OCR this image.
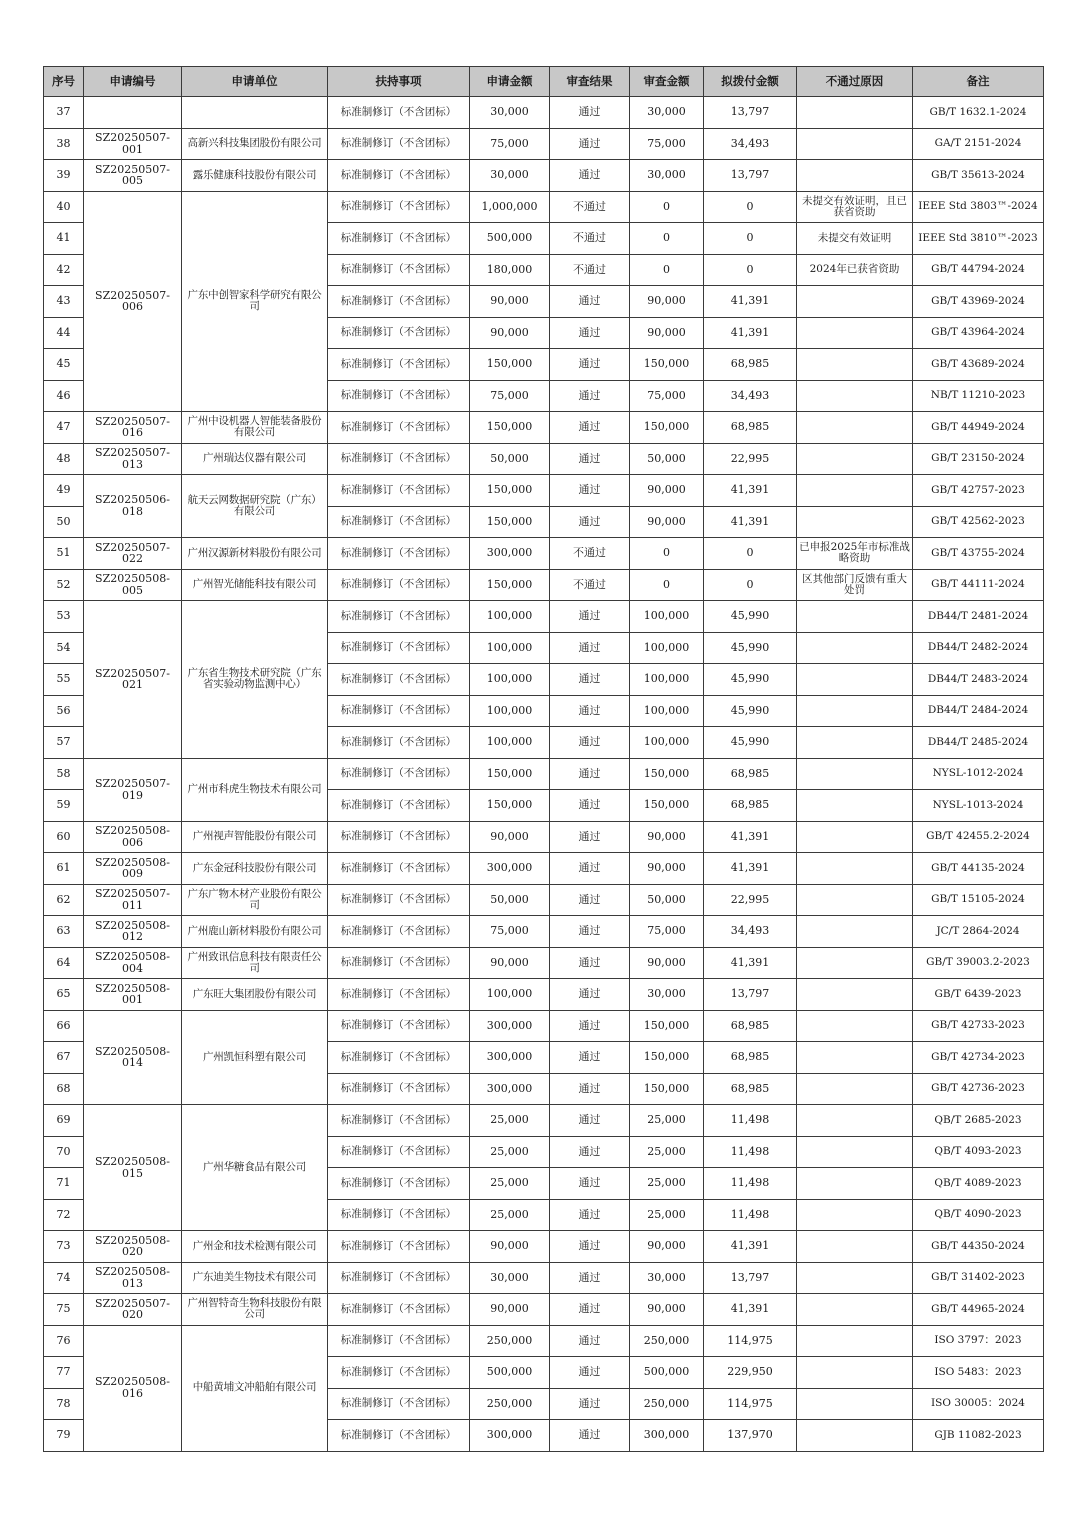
序号	申请编号	申请单位	扶持事项	申请金额	审查结果	审查金额	拟拨付金额	不通过原因	备注
37			标准制修订（不含团标）	30,000	通过	30,000	13,797		GB/T 1632.1-2024
38	SZ20250507-001	高新兴科技集团股份有限公司	标准制修订（不含团标）	75,000	通过	75,000	34,493		GA/T 2151-2024
39	SZ20250507-005	露乐健康科技股份有限公司	标准制修订（不含团标）	30,000	通过	30,000	13,797		GB/T 35613-2024
40	SZ20250507-006	广东中创智家科学研究有限公司	标准制修订（不含团标）	1,000,000	不通过	0	0	未提交有效证明，且已获省资助	IEEE Std 3803™-2024
41			标准制修订（不含团标）	500,000	不通过	0	0	未提交有效证明	IEEE Std 3810™-2023
42			标准制修订（不含团标）	180,000	不通过	0	0	2024年已获省资助	GB/T 44794-2024
43			标准制修订（不含团标）	90,000	通过	90,000	41,391		GB/T 43969-2024
44			标准制修订（不含团标）	90,000	通过	90,000	41,391		GB/T 43964-2024
45			标准制修订（不含团标）	150,000	通过	150,000	68,985		GB/T 43689-2024
46			标准制修订（不含团标）	75,000	通过	75,000	34,493		NB/T 11210-2023
47	SZ20250507-016	广州中设机器人智能装备股份有限公司	标准制修订（不含团标）	150,000	通过	150,000	68,985		GB/T 44949-2024
48	SZ20250507-013	广州瑞达仪器有限公司	标准制修订（不含团标）	50,000	通过	50,000	22,995		GB/T 23150-2024
49	SZ20250506-018	航天云网数据研究院（广东）有限公司	标准制修订（不含团标）	150,000	通过	90,000	41,391		GB/T 42757-2023
50			标准制修订（不含团标）	150,000	通过	90,000	41,391		GB/T 42562-2023
51	SZ20250507-022	广州汉源新材料股份有限公司	标准制修订（不含团标）	300,000	不通过	0	0	已申报2025年市标准战略资助	GB/T 43755-2024
52	SZ20250508-005	广州智光储能科技有限公司	标准制修订（不含团标）	150,000	不通过	0	0	区其他部门反馈有重大处罚	GB/T 44111-2024
53	SZ20250507-021	广东省生物技术研究院（广东省实验动物监测中心）	标准制修订（不含团标）	100,000	通过	100,000	45,990		DB44/T 2481-2024
54			标准制修订（不含团标）	100,000	通过	100,000	45,990		DB44/T 2482-2024
55			标准制修订（不含团标）	100,000	通过	100,000	45,990		DB44/T 2483-2024
56			标准制修订（不含团标）	100,000	通过	100,000	45,990		DB44/T 2484-2024
57			标准制修订（不含团标）	100,000	通过	100,000	45,990		DB44/T 2485-2024
58	SZ20250507-019	广州市科虎生物技术有限公司	标准制修订（不含团标）	150,000	通过	150,000	68,985		NYSL-1012-2024
59			标准制修订（不含团标）	150,000	通过	150,000	68,985		NYSL-1013-2024
60	SZ20250508-006	广州视声智能股份有限公司	标准制修订（不含团标）	90,000	通过	90,000	41,391		GB/T 42455.2-2024
61	SZ20250508-009	广东金冠科技股份有限公司	标准制修订（不含团标）	300,000	通过	90,000	41,391		GB/T 44135-2024
62	SZ20250507-011	广东广物木材产业股份有限公司	标准制修订（不含团标）	50,000	通过	50,000	22,995		GB/T 15105-2024
63	SZ20250508-012	广州鹿山新材料股份有限公司	标准制修订（不含团标）	75,000	通过	75,000	34,493		JC/T 2864-2024
64	SZ20250508-004	广州致讯信息科技有限责任公司	标准制修订（不含团标）	90,000	通过	90,000	41,391		GB/T 39003.2-2023
65	SZ20250508-001	广东旺大集团股份有限公司	标准制修订（不含团标）	100,000	通过	30,000	13,797		GB/T 6439-2023
66	SZ20250508-014	广州凯恒科塑有限公司	标准制修订（不含团标）	300,000	通过	150,000	68,985		GB/T 42733-2023
67			标准制修订（不含团标）	300,000	通过	150,000	68,985		GB/T 42734-2023
68			标准制修订（不含团标）	300,000	通过	150,000	68,985		GB/T 42736-2023
69	SZ20250508-015	广州华糖食品有限公司	标准制修订（不含团标）	25,000	通过	25,000	11,498		QB/T 2685-2023
70			标准制修订（不含团标）	25,000	通过	25,000	11,498		QB/T 4093-2023
71			标准制修订（不含团标）	25,000	通过	25,000	11,498		QB/T 4089-2023
72			标准制修订（不含团标）	25,000	通过	25,000	11,498		QB/T 4090-2023
73	SZ20250508-020	广州金和技术检测有限公司	标准制修订（不含团标）	90,000	通过	90,000	41,391		GB/T 44350-2024
74	SZ20250508-013	广东迪美生物技术有限公司	标准制修订（不含团标）	30,000	通过	30,000	13,797		GB/T 31402-2023
75	SZ20250507-020	广州智特奇生物科技股份有限公司	标准制修订（不含团标）	90,000	通过	90,000	41,391		GB/T 44965-2024
76	SZ20250508-016	中船黄埔文冲船舶有限公司	标准制修订（不含团标）	250,000	通过	250,000	114,975		ISO 3797：2023
77			标准制修订（不含团标）	500,000	通过	500,000	229,950		ISO 5483：2023
78			标准制修订（不含团标）	250,000	通过	250,000	114,975		ISO 30005：2024
79			标准制修订（不含团标）	300,000	通过	300,000	137,970		GJB 11082-2023
